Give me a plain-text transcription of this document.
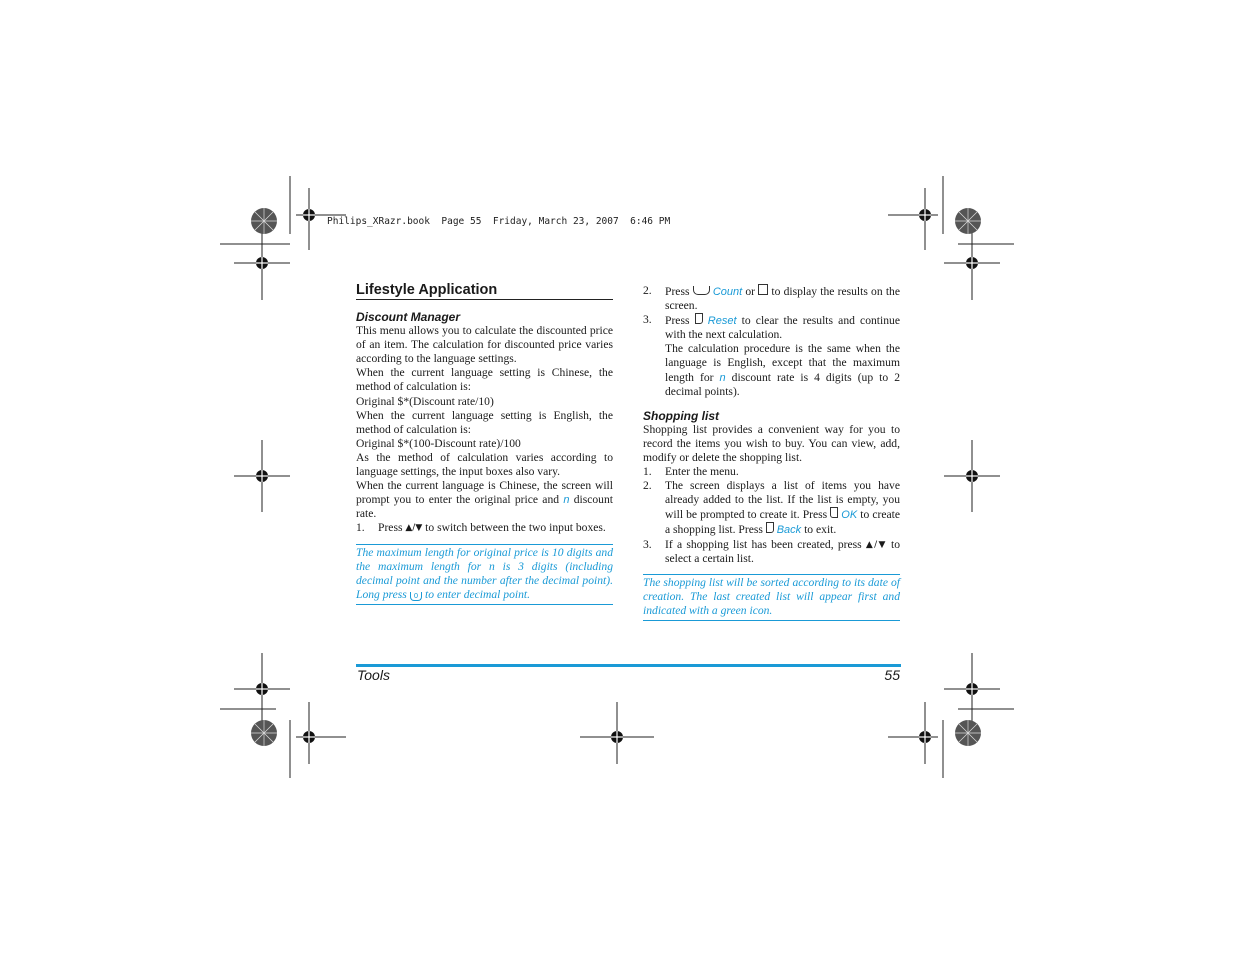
Philips_XRazr.book  Page 55  Friday, March 23, 2007  6:46 PM
Lifestyle Application
Discount Manager

This menu allows you to calculate the discounted price of an item. The calculation for discounted price varies according to the language settings.

When the current language setting is Chinese, the method of calculation is:

Original $*(Discount rate/10)

When the current language setting is English, the method of calculation is:

Original $*(100-Discount rate)/100

As the method of calculation varies according to language settings, the input boxes also vary.

When the current language is Chinese, the screen will prompt you to enter the original price and n discount rate.

1. Press ▲/▼ to switch between the two input boxes.
The maximum length for original price is 10 digits and the maximum length for n is 3 digits (including decimal point and the number after the decimal point). Long press 0 to enter decimal point.
2. Press  Count or  to display the results on the screen.
3. Press  Reset to clear the results and continue with the next calculation.

The calculation procedure is the same when the language is English, except that the maximum length for n discount rate is 4 digits (up to 2 decimal points).

Shopping list

Shopping list provides a convenient way for you to record the items you wish to buy. You can view, add, modify or delete the shopping list.

1. Enter the menu.
2. The screen displays a list of items you have already added to the list. If the list is empty, you will be prompted to create it. Press  OK to create a shopping list. Press  Back to exit.
3. If a shopping list has been created, press ▲/▼ to select a certain list.
The shopping list will be sorted according to its date of creation. The last created list will appear first and indicated with a green icon.
Tools	55
